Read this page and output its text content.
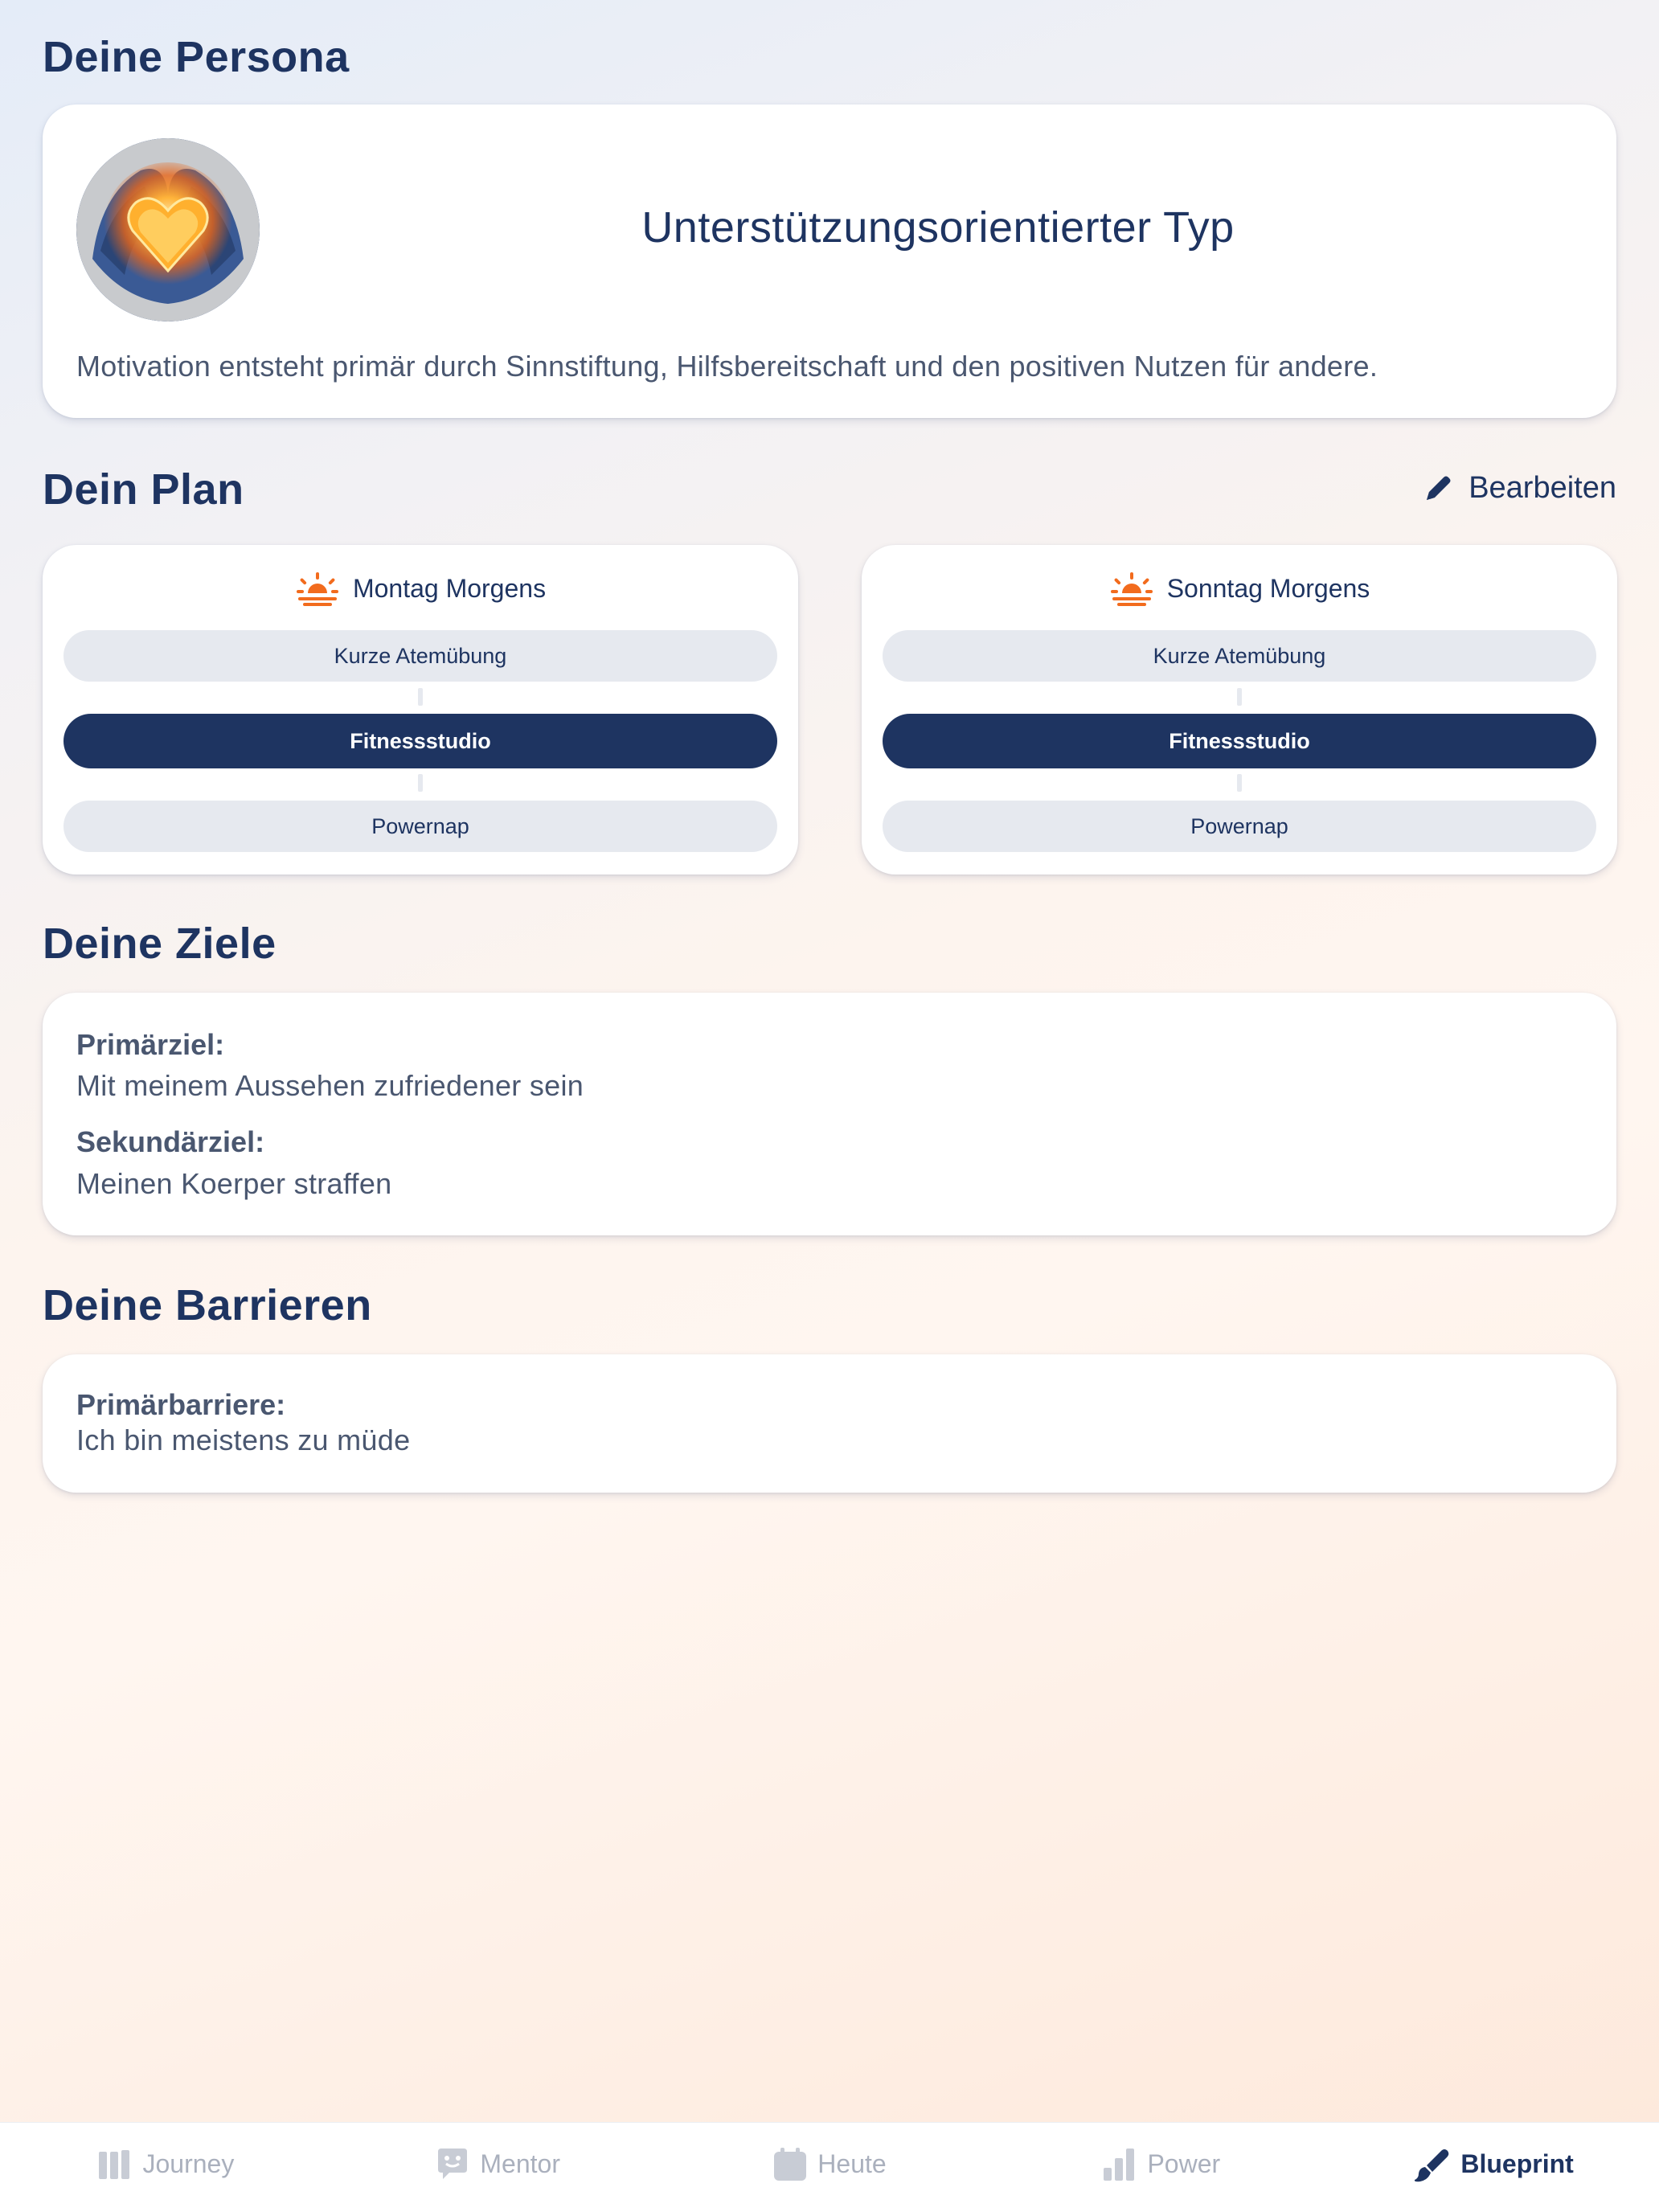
Deine Persona
Unterstützungsorientierter Typ
Motivation entsteht primär durch Sinnstiftung, Hilfsbereitschaft und den positiven Nutzen für andere.
Dein Plan	Bearbeiten
Montag Morgens
Kurze Atemübung
Fitnessstudio
Powernap
Sonntag Morgens
Kurze Atemübung
Fitnessstudio
Powernap
Deine Ziele
Primärziel:
Mit meinem Aussehen zufriedener sein
Sekundärziel:
Meinen Koerper straffen
Deine Barrieren
Primärbarriere:
Ich bin meistens zu müde
Journey	Mentor	Heute	Power	Blueprint
